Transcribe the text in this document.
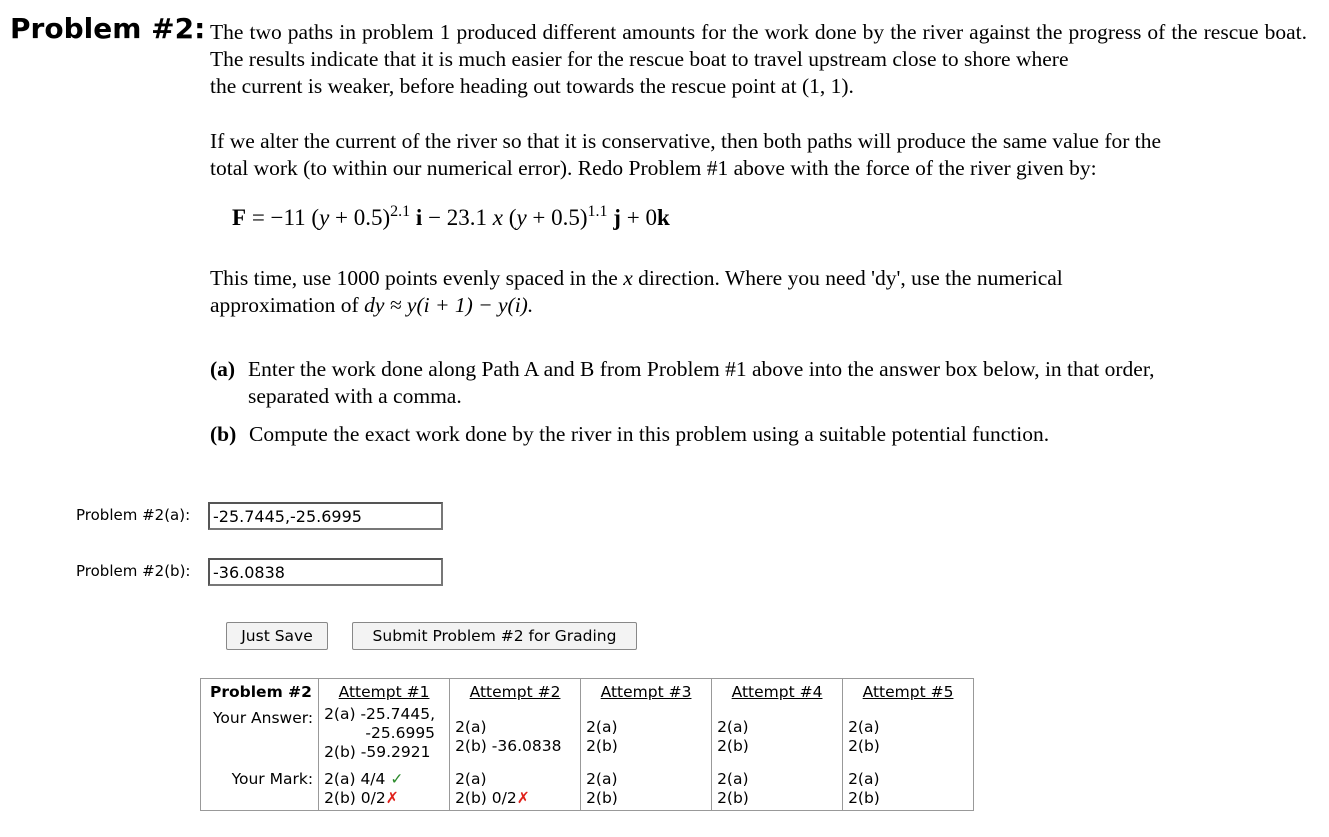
Problem #2: The two paths in problem 1 produced different amounts for the work done by the river against the progress of the rescue boat. The results indicate that it is much easier for the rescue boat to travel upstream close to shore where
the current is weaker, before heading out towards the rescue point at (1, 1).
If we alter the current of the river so that it is conservative, then both paths will produce the same value for the
total work (to within our numerical error). Redo Problem #1 above with the force of the river given by:
F = −11 $(y + 0.5)^{2.1}$ i − 23.1 x $(y + 0.5)^{1.1}$ j + 0k
This time, use 1000 points evenly spaced in the x direction. Where you need 'dy', use the numerical
approximation of dy ≈ y(i + 1) − y(i).
(a) Enter the work done along Path A and B from Problem #1 above into the answer box below, in that order,
separated with a comma.
(b) Compute the exact work done by the river in this problem using a suitable potential function.
Problem #2(a):
-25.7445,-25.6995
Problem #2(b):
-36.0838
Just Save	Submit Problem #2 for Grading
Problem #2	Attempt #1	Attempt #2	Attempt #3	Attempt #4	Attempt #5
Your Answer:	2(a) -25.7445,
-25.6995
2(b) -59.2921	2(a)
2(b) -36.0838	2(a)
2(b)	2(a)
2(b)	2(a)
2(b)
Your Mark:	2(a) 4/4 ✓
2(b) 0/2✗	2(a)
2(b) 0/2✗	2(a)
2(b)	2(a)
2(b)	2(a)
2(b)
